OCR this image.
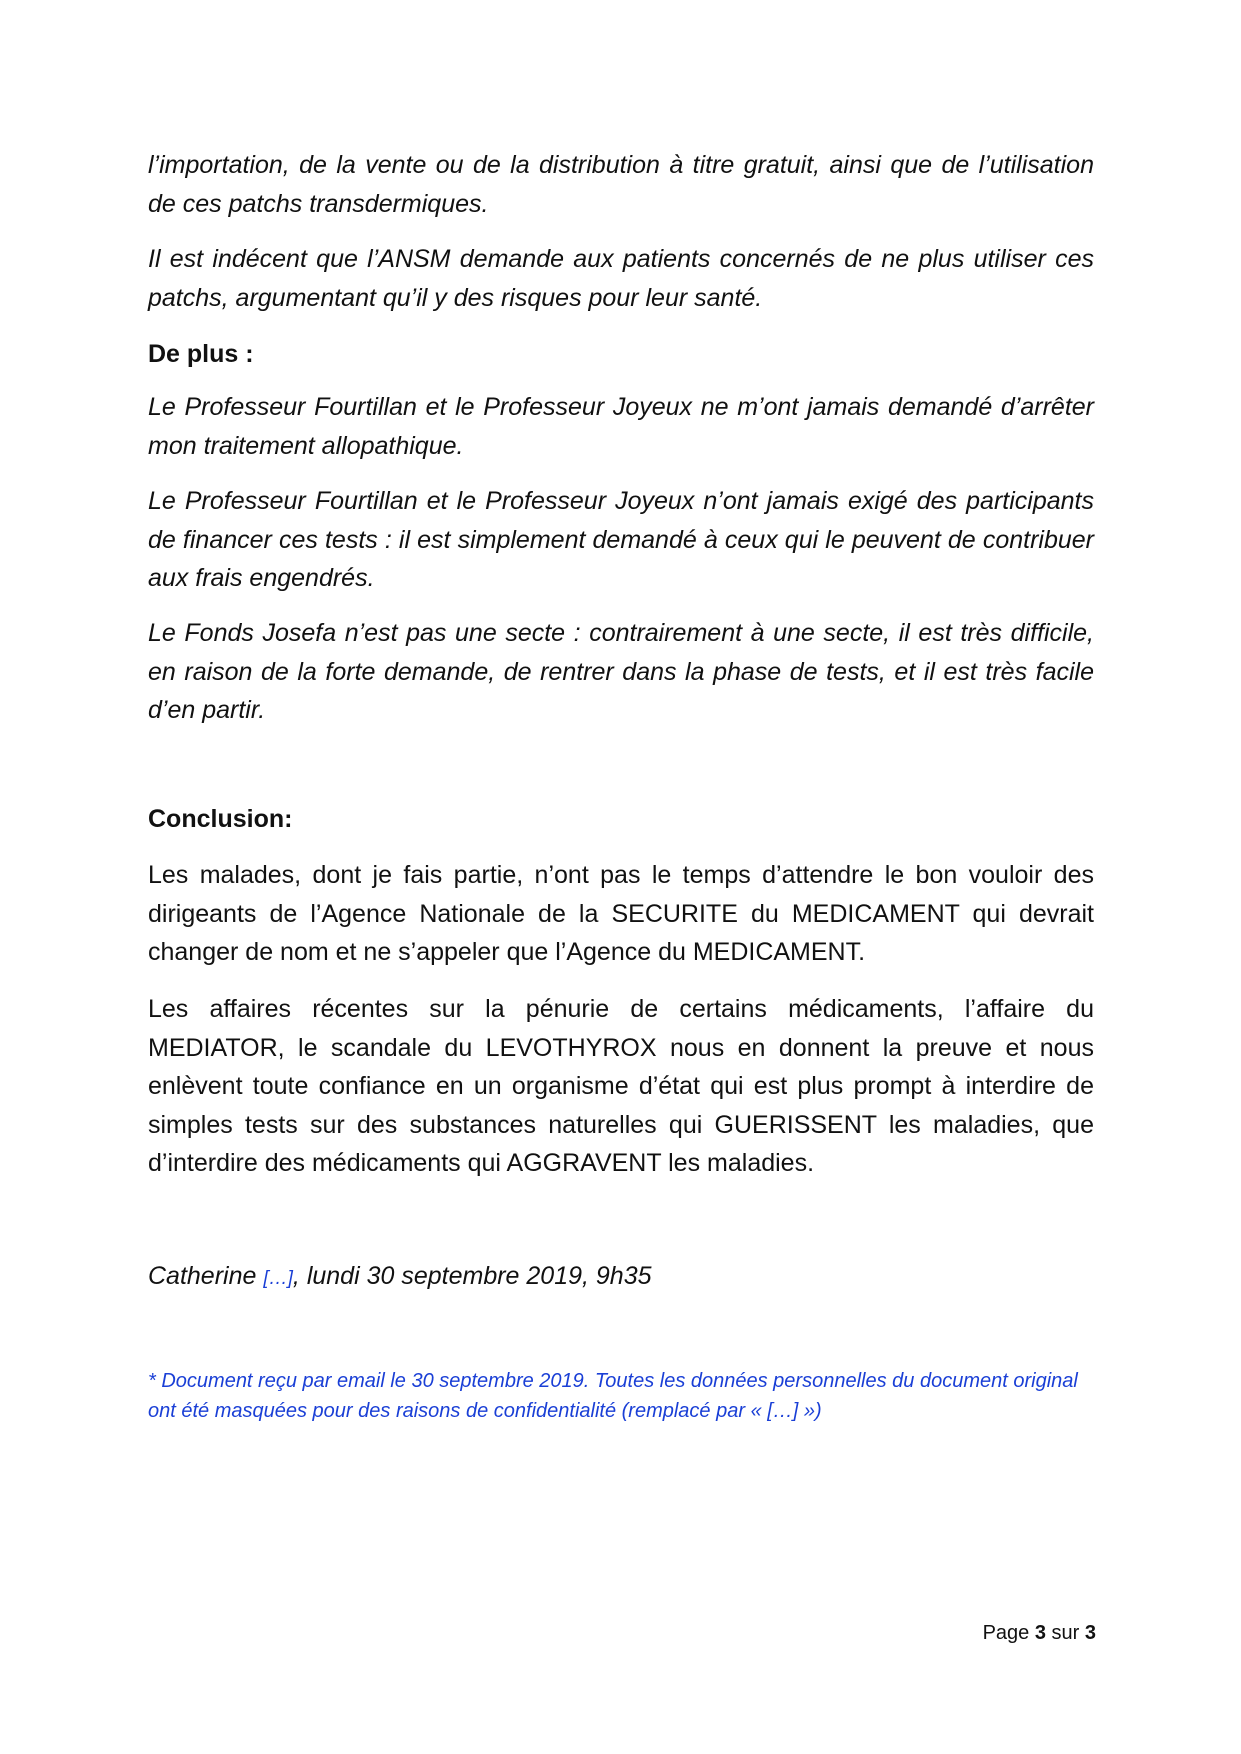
l’importation, de la vente ou de la distribution à titre gratuit, ainsi que de l’utilisation de ces patchs transdermiques.

Il est indécent que l’ANSM demande aux patients concernés de ne plus utiliser ces patchs, argumentant qu’il y des risques pour leur santé.

De plus :

Le Professeur Fourtillan et le Professeur Joyeux ne m’ont jamais demandé d’arrêter mon traitement allopathique.

Le Professeur Fourtillan et le Professeur Joyeux n’ont jamais exigé des participants de financer ces tests : il est simplement demandé à ceux qui le peuvent de contribuer aux frais engendrés.

Le Fonds Josefa n’est pas une secte : contrairement à une secte, il est très difficile, en raison de la forte demande, de rentrer dans la phase de tests, et il est très facile d’en partir.

Conclusion:

Les malades, dont je fais partie, n’ont pas le temps d’attendre le bon vouloir des dirigeants de l’Agence Nationale de la SECURITE du MEDICAMENT qui devrait changer de nom et ne s’appeler que l’Agence du MEDICAMENT.

Les affaires récentes sur la pénurie de certains médicaments, l’affaire du MEDIATOR, le scandale du LEVOTHYROX nous en donnent la preuve et nous enlèvent toute confiance en un organisme d’état qui est plus prompt à interdire de simples tests sur des substances naturelles qui GUERISSENT les maladies, que d’interdire des médicaments qui AGGRAVENT les maladies.

Catherine […], lundi 30 septembre 2019, 9h35

* Document reçu par email le 30 septembre 2019. Toutes les données personnelles du document original ont été masquées pour des raisons de confidentialité (remplacé par « […] »)

Page 3 sur 3
